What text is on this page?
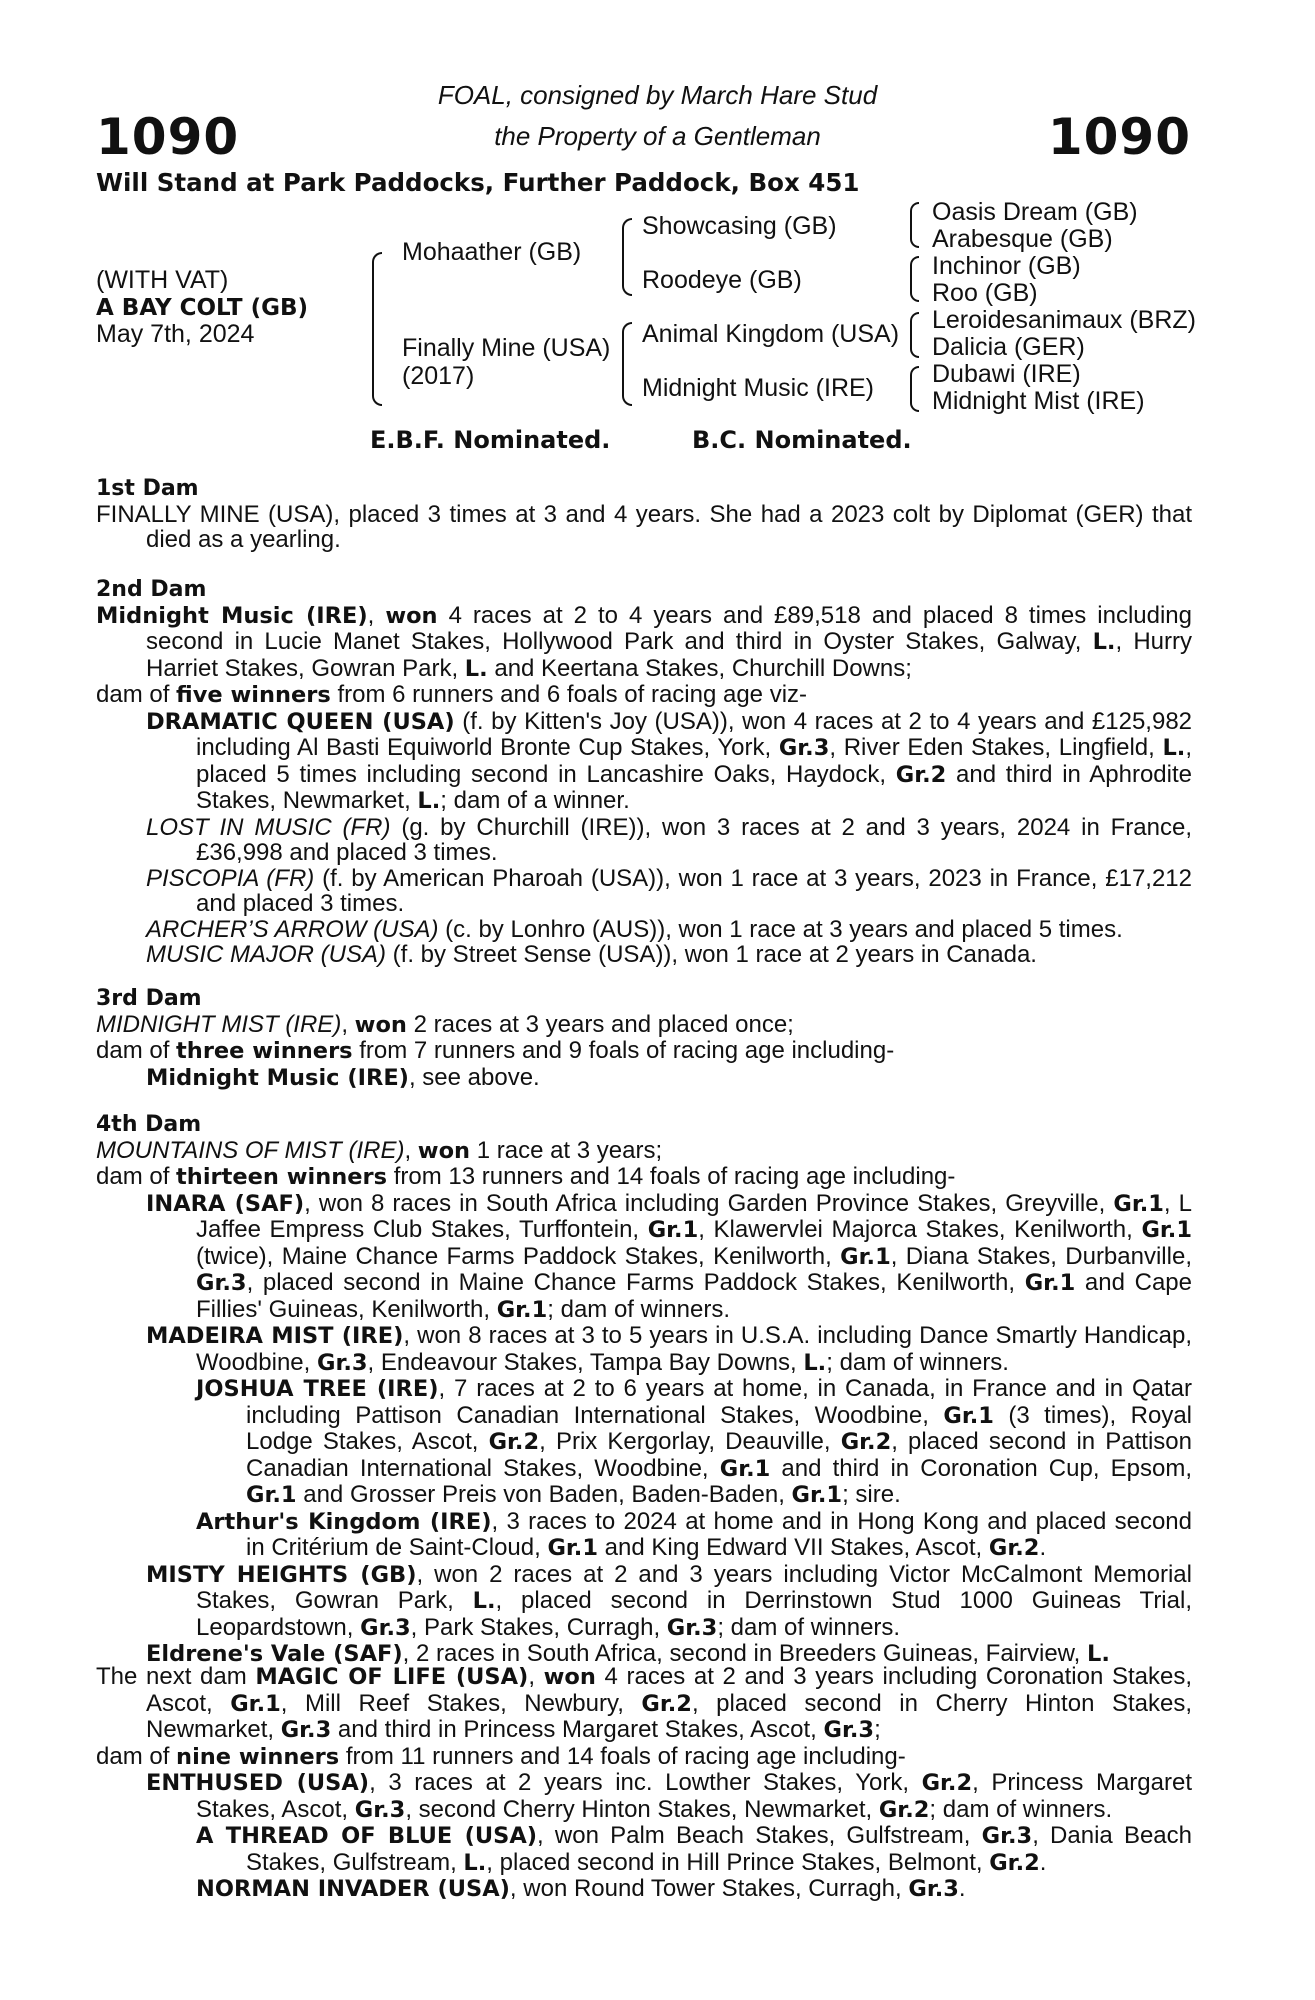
1090	1090
FOAL, consigned by March Hare Stud
the Property of a Gentleman
Will Stand at Park Paddocks, Further Paddock, Box 451
(WITH VAT)
A BAY COLT (GB)
May 7th, 2024
Mohaather (GB)
Finally Mine (USA)
(2017)
Showcasing (GB)
Roodeye (GB)
Animal Kingdom (USA)
Midnight Music (IRE)
Oasis Dream (GB)
Arabesque (GB)
Inchinor (GB)
Roo (GB)
Leroidesanimaux (BRZ)
Dalicia (GER)
Dubawi (IRE)
Midnight Mist (IRE)
E.B.F. Nominated.	B.C. Nominated.

1st Dam

FINALLY MINE (USA), placed 3 times at 3 and 4 years. She had a 2023 colt by Diplomat (GER) that died as a yearling.

2nd Dam

Midnight Music (IRE), won 4 races at 2 to 4 years and £89,518 and placed 8 times including second in Lucie Manet Stakes, Hollywood Park and third in Oyster Stakes, Galway, L., Hurry Harriet Stakes, Gowran Park, L. and Keertana Stakes, Churchill Downs;

dam of five winners from 6 runners and 6 foals of racing age viz-

DRAMATIC QUEEN (USA) (f. by Kitten's Joy (USA)), won 4 races at 2 to 4 years and £125,982 including Al Basti Equiworld Bronte Cup Stakes, York, Gr.3, River Eden Stakes, Lingfield, L., placed 5 times including second in Lancashire Oaks, Haydock, Gr.2 and third in Aphrodite Stakes, Newmarket, L.; dam of a winner.

LOST IN MUSIC (FR) (g. by Churchill (IRE)), won 3 races at 2 and 3 years, 2024 in France, £36,998 and placed 3 times.

PISCOPIA (FR) (f. by American Pharoah (USA)), won 1 race at 3 years, 2023 in France, £17,212 and placed 3 times.

ARCHER’S ARROW (USA) (c. by Lonhro (AUS)), won 1 race at 3 years and placed 5 times.

MUSIC MAJOR (USA) (f. by Street Sense (USA)), won 1 race at 2 years in Canada.

3rd Dam

MIDNIGHT MIST (IRE), won 2 races at 3 years and placed once;

dam of three winners from 7 runners and 9 foals of racing age including-

Midnight Music (IRE), see above.

4th Dam

MOUNTAINS OF MIST (IRE), won 1 race at 3 years;

dam of thirteen winners from 13 runners and 14 foals of racing age including-

INARA (SAF), won 8 races in South Africa including Garden Province Stakes, Greyville, Gr.1, L Jaffee Empress Club Stakes, Turffontein, Gr.1, Klawervlei Majorca Stakes, Kenilworth, Gr.1 (twice), Maine Chance Farms Paddock Stakes, Kenilworth, Gr.1, Diana Stakes, Durbanville, Gr.3, placed second in Maine Chance Farms Paddock Stakes, Kenilworth, Gr.1 and Cape Fillies' Guineas, Kenilworth, Gr.1; dam of winners.

MADEIRA MIST (IRE), won 8 races at 3 to 5 years in U.S.A. including Dance Smartly Handicap, Woodbine, Gr.3, Endeavour Stakes, Tampa Bay Downs, L.; dam of winners.

JOSHUA TREE (IRE), 7 races at 2 to 6 years at home, in Canada, in France and in Qatar including Pattison Canadian International Stakes, Woodbine, Gr.1 (3 times), Royal Lodge Stakes, Ascot, Gr.2, Prix Kergorlay, Deauville, Gr.2, placed second in Pattison Canadian International Stakes, Woodbine, Gr.1 and third in Coronation Cup, Epsom, Gr.1 and Grosser Preis von Baden, Baden-Baden, Gr.1; sire.

Arthur's Kingdom (IRE), 3 races to 2024 at home and in Hong Kong and placed second in Critérium de Saint-Cloud, Gr.1 and King Edward VII Stakes, Ascot, Gr.2.

MISTY HEIGHTS (GB), won 2 races at 2 and 3 years including Victor McCalmont Memorial Stakes, Gowran Park, L., placed second in Derrinstown Stud 1000 Guineas Trial, Leopardstown, Gr.3, Park Stakes, Curragh, Gr.3; dam of winners.

Eldrene's Vale (SAF), 2 races in South Africa, second in Breeders Guineas, Fairview, L.

The next dam MAGIC OF LIFE (USA), won 4 races at 2 and 3 years including Coronation Stakes, Ascot, Gr.1, Mill Reef Stakes, Newbury, Gr.2, placed second in Cherry Hinton Stakes, Newmarket, Gr.3 and third in Princess Margaret Stakes, Ascot, Gr.3;

dam of nine winners from 11 runners and 14 foals of racing age including-

ENTHUSED (USA), 3 races at 2 years inc. Lowther Stakes, York, Gr.2, Princess Margaret Stakes, Ascot, Gr.3, second Cherry Hinton Stakes, Newmarket, Gr.2; dam of winners.

A THREAD OF BLUE (USA), won Palm Beach Stakes, Gulfstream, Gr.3, Dania Beach Stakes, Gulfstream, L., placed second in Hill Prince Stakes, Belmont, Gr.2.

NORMAN INVADER (USA), won Round Tower Stakes, Curragh, Gr.3.
